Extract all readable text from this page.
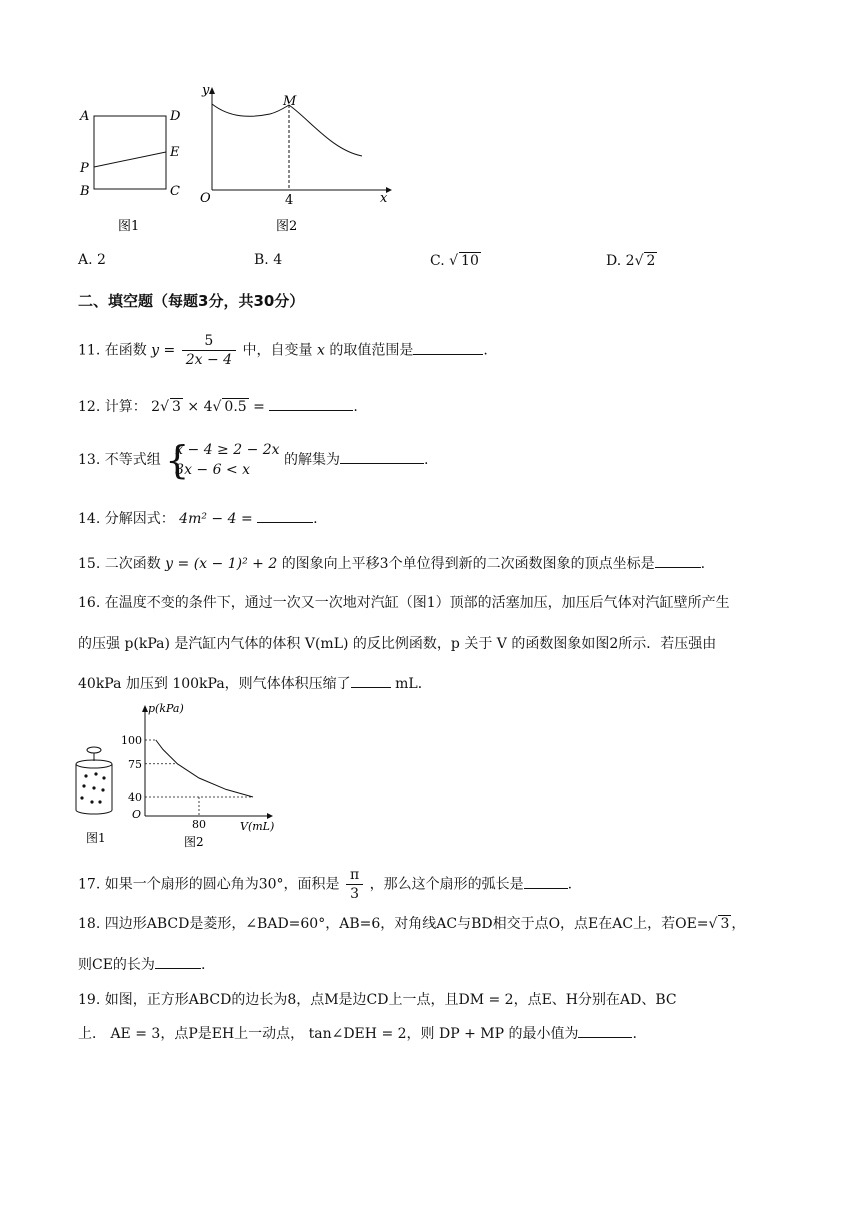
A	D
P
E
B	C
图1
y
x
O
M
4
图2
A. 2	B. 4	C. √ 10	D. 2√ 2
二、填空题（每题3分，共30分）
11. 在函数 $y = \frac{5}{2x - 4}$ 中，自变量 x 的取值范围是	.
12. 计算： 2√ 3 × 4√ 0.5 =	.
13. 不等式组 {
x − 4 ≥ 2 − 2x
3x − 6 < x
的解集为	.
14. 分解因式： 4m² − 4 =	.
15. 二次函数 y = (x − 1)² + 2 的图象向上平移3个单位得到新的二次函数图象的顶点坐标是	.
16. 在温度不变的条件下，通过一次又一次地对汽缸（图1）顶部的活塞加压，加压后气体对汽缸壁所产生
的压强 p(kPa) 是汽缸内气体的体积 V(mL) 的反比例函数，p 关于 V 的函数图象如图2所示．若压强由
40kPa 加压到 100kPa，则气体体积压缩了	mL．
图1
p(kPa)
V(mL)
O
100
75
40
80
图2
17. 如果一个扇形的圆心角为30°，面积是 $\frac{\pi}{3}$ ，那么这个扇形的弧长是	.
18. 四边形ABCD是菱形，∠BAD=60°，AB=6，对角线AC与BD相交于点O，点E在AC上，若OE=√ 3 ，
则CE的长为	.
19. 如图，正方形ABCD的边长为8，点M是边CD上一点，且DM = 2，点E、H分别在AD、BC
上． AE = 3，点P是EH上一动点， tan∠DEH = 2，则 DP + MP 的最小值为	.
